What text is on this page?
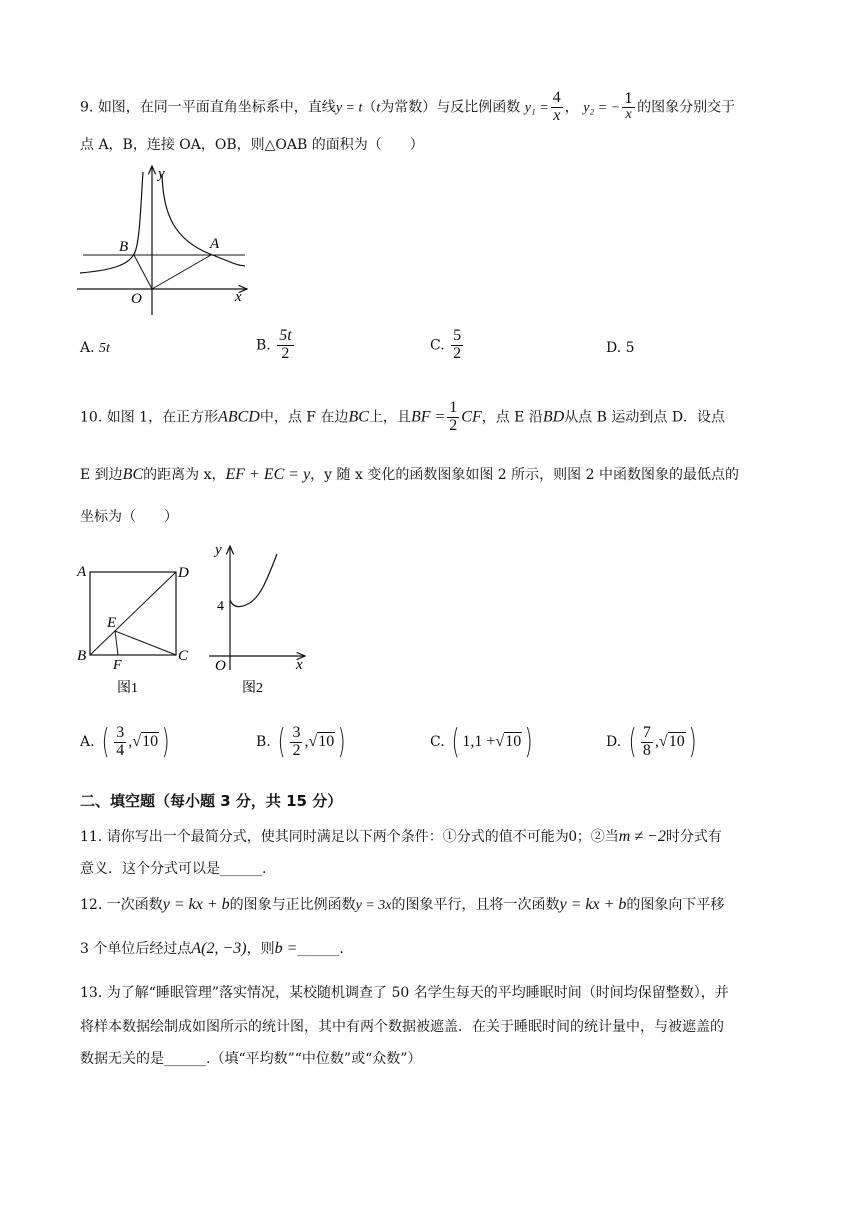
9. 如图，在同一平面直角坐标系中，直线y = t（t为常数）与反比例函数 $y_1 = \frac{4}{x}$ ， y₂ = − $\frac{1}{x}$ 的图象分别交于
点 A，B，连接 OA，OB，则△OAB 的面积为（　　）
y
x
O
A
B
A. 5t	B. $\frac{5t}{2}$	C. $\frac{5}{2}$	D. 5
10. 如图 1，在正方形ABCD中，点 F 在边BC上，且BF = $\frac{1}{2}$ CF，点 E 沿BD从点 B 运动到点 D．设点
E 到边BC的距离为 x，EF + EC = y，y 随 x 变化的函数图象如图 2 所示，则图 2 中函数图象的最低点的
坐标为（　　）
A	D
B	C
E
F
图1
y
x
O
4
图2
A. ( $\frac{3}{4} ,√10$ )	B. ( $\frac{3}{2} ,√10$ )	C. ( 1,1 +√10 )	D. ( $\frac{7}{8} ,√10$ )
二、填空题（每小题 3 分，共 15 分）
11. 请你写出一个最简分式，使其同时满足以下两个条件：①分式的值不可能为0；②当m ≠ −2时分式有
意义．这个分式可以是______.
12. 一次函数y = kx + b的图象与正比例函数y = 3x的图象平行，且将一次函数y = kx + b的图象向下平移
3 个单位后经过点A(2, −3)，则b =______.
13. 为了解“睡眠管理”落实情况，某校随机调查了 50 名学生每天的平均睡眠时间（时间均保留整数），并
将样本数据绘制成如图所示的统计图，其中有两个数据被遮盖．在关于睡眠时间的统计量中，与被遮盖的
数据无关的是______.（填“平均数”“中位数”或“众数”）
